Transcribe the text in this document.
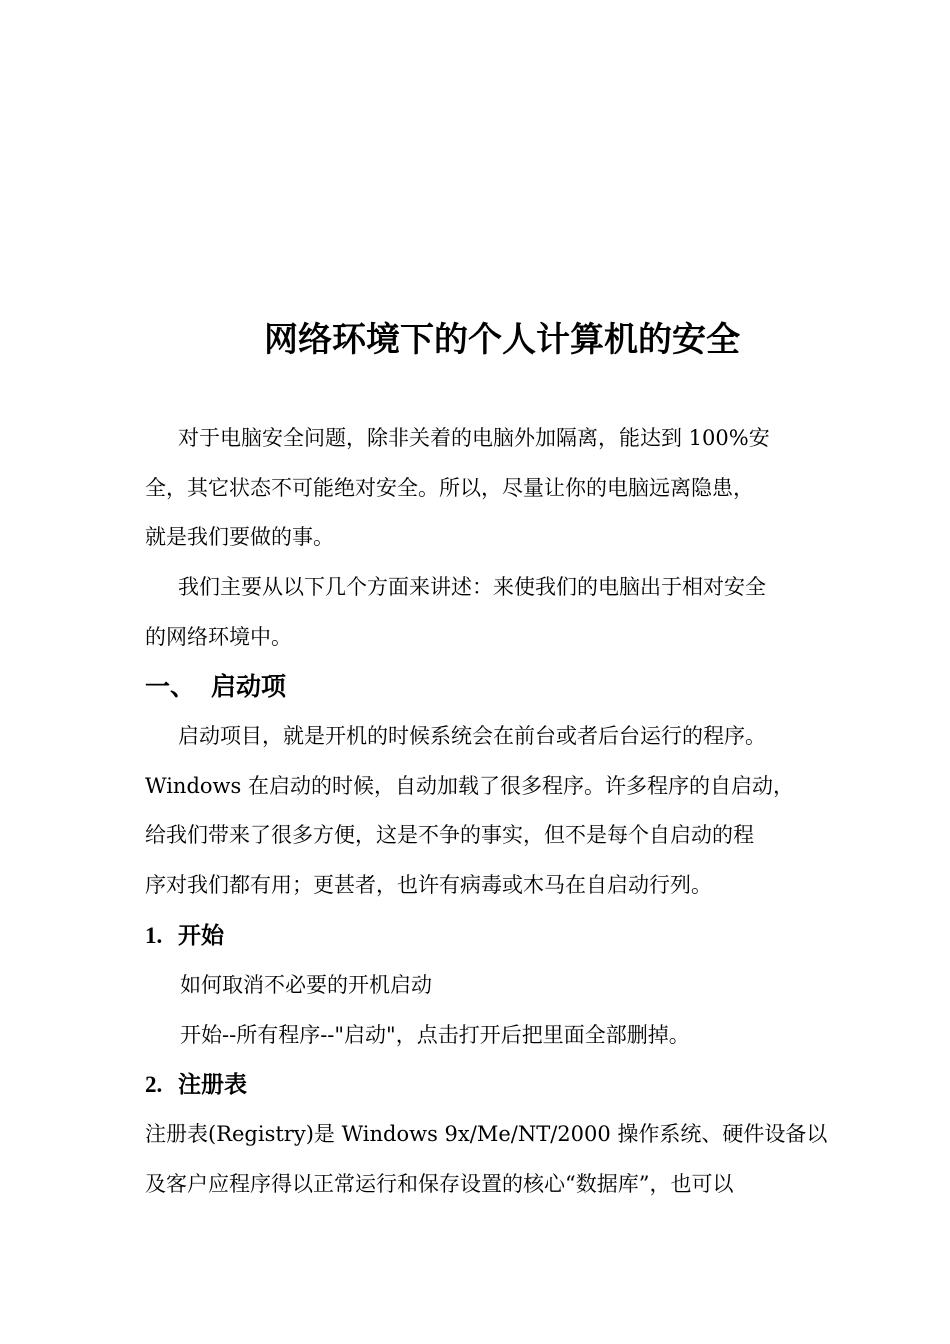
网络环境下的个人计算机的安全
对于电脑安全问题，除非关着的电脑外加隔离，能达到 100%安
全，其它状态不可能绝对安全。所以，尽量让你的电脑远离隐患，
就是我们要做的事。
我们主要从以下几个方面来讲述：来使我们的电脑出于相对安全
的网络环境中。
一、 启动项
启动项目，就是开机的时候系统会在前台或者后台运行的程序。
Windows 在启动的时候，自动加载了很多程序。许多程序的自启动，
给我们带来了很多方便，这是不争的事实，但不是每个自启动的程
序对我们都有用；更甚者，也许有病毒或木马在自启动行列。
1. 开始
如何取消不必要的开机启动
开始--所有程序--"启动"，点击打开后把里面全部删掉。
2. 注册表
注册表(Registry)是 Windows 9x/Me/NT/2000 操作系统、硬件设备以
及客户应程序得以正常运行和保存设置的核心“数据库”，也可以
